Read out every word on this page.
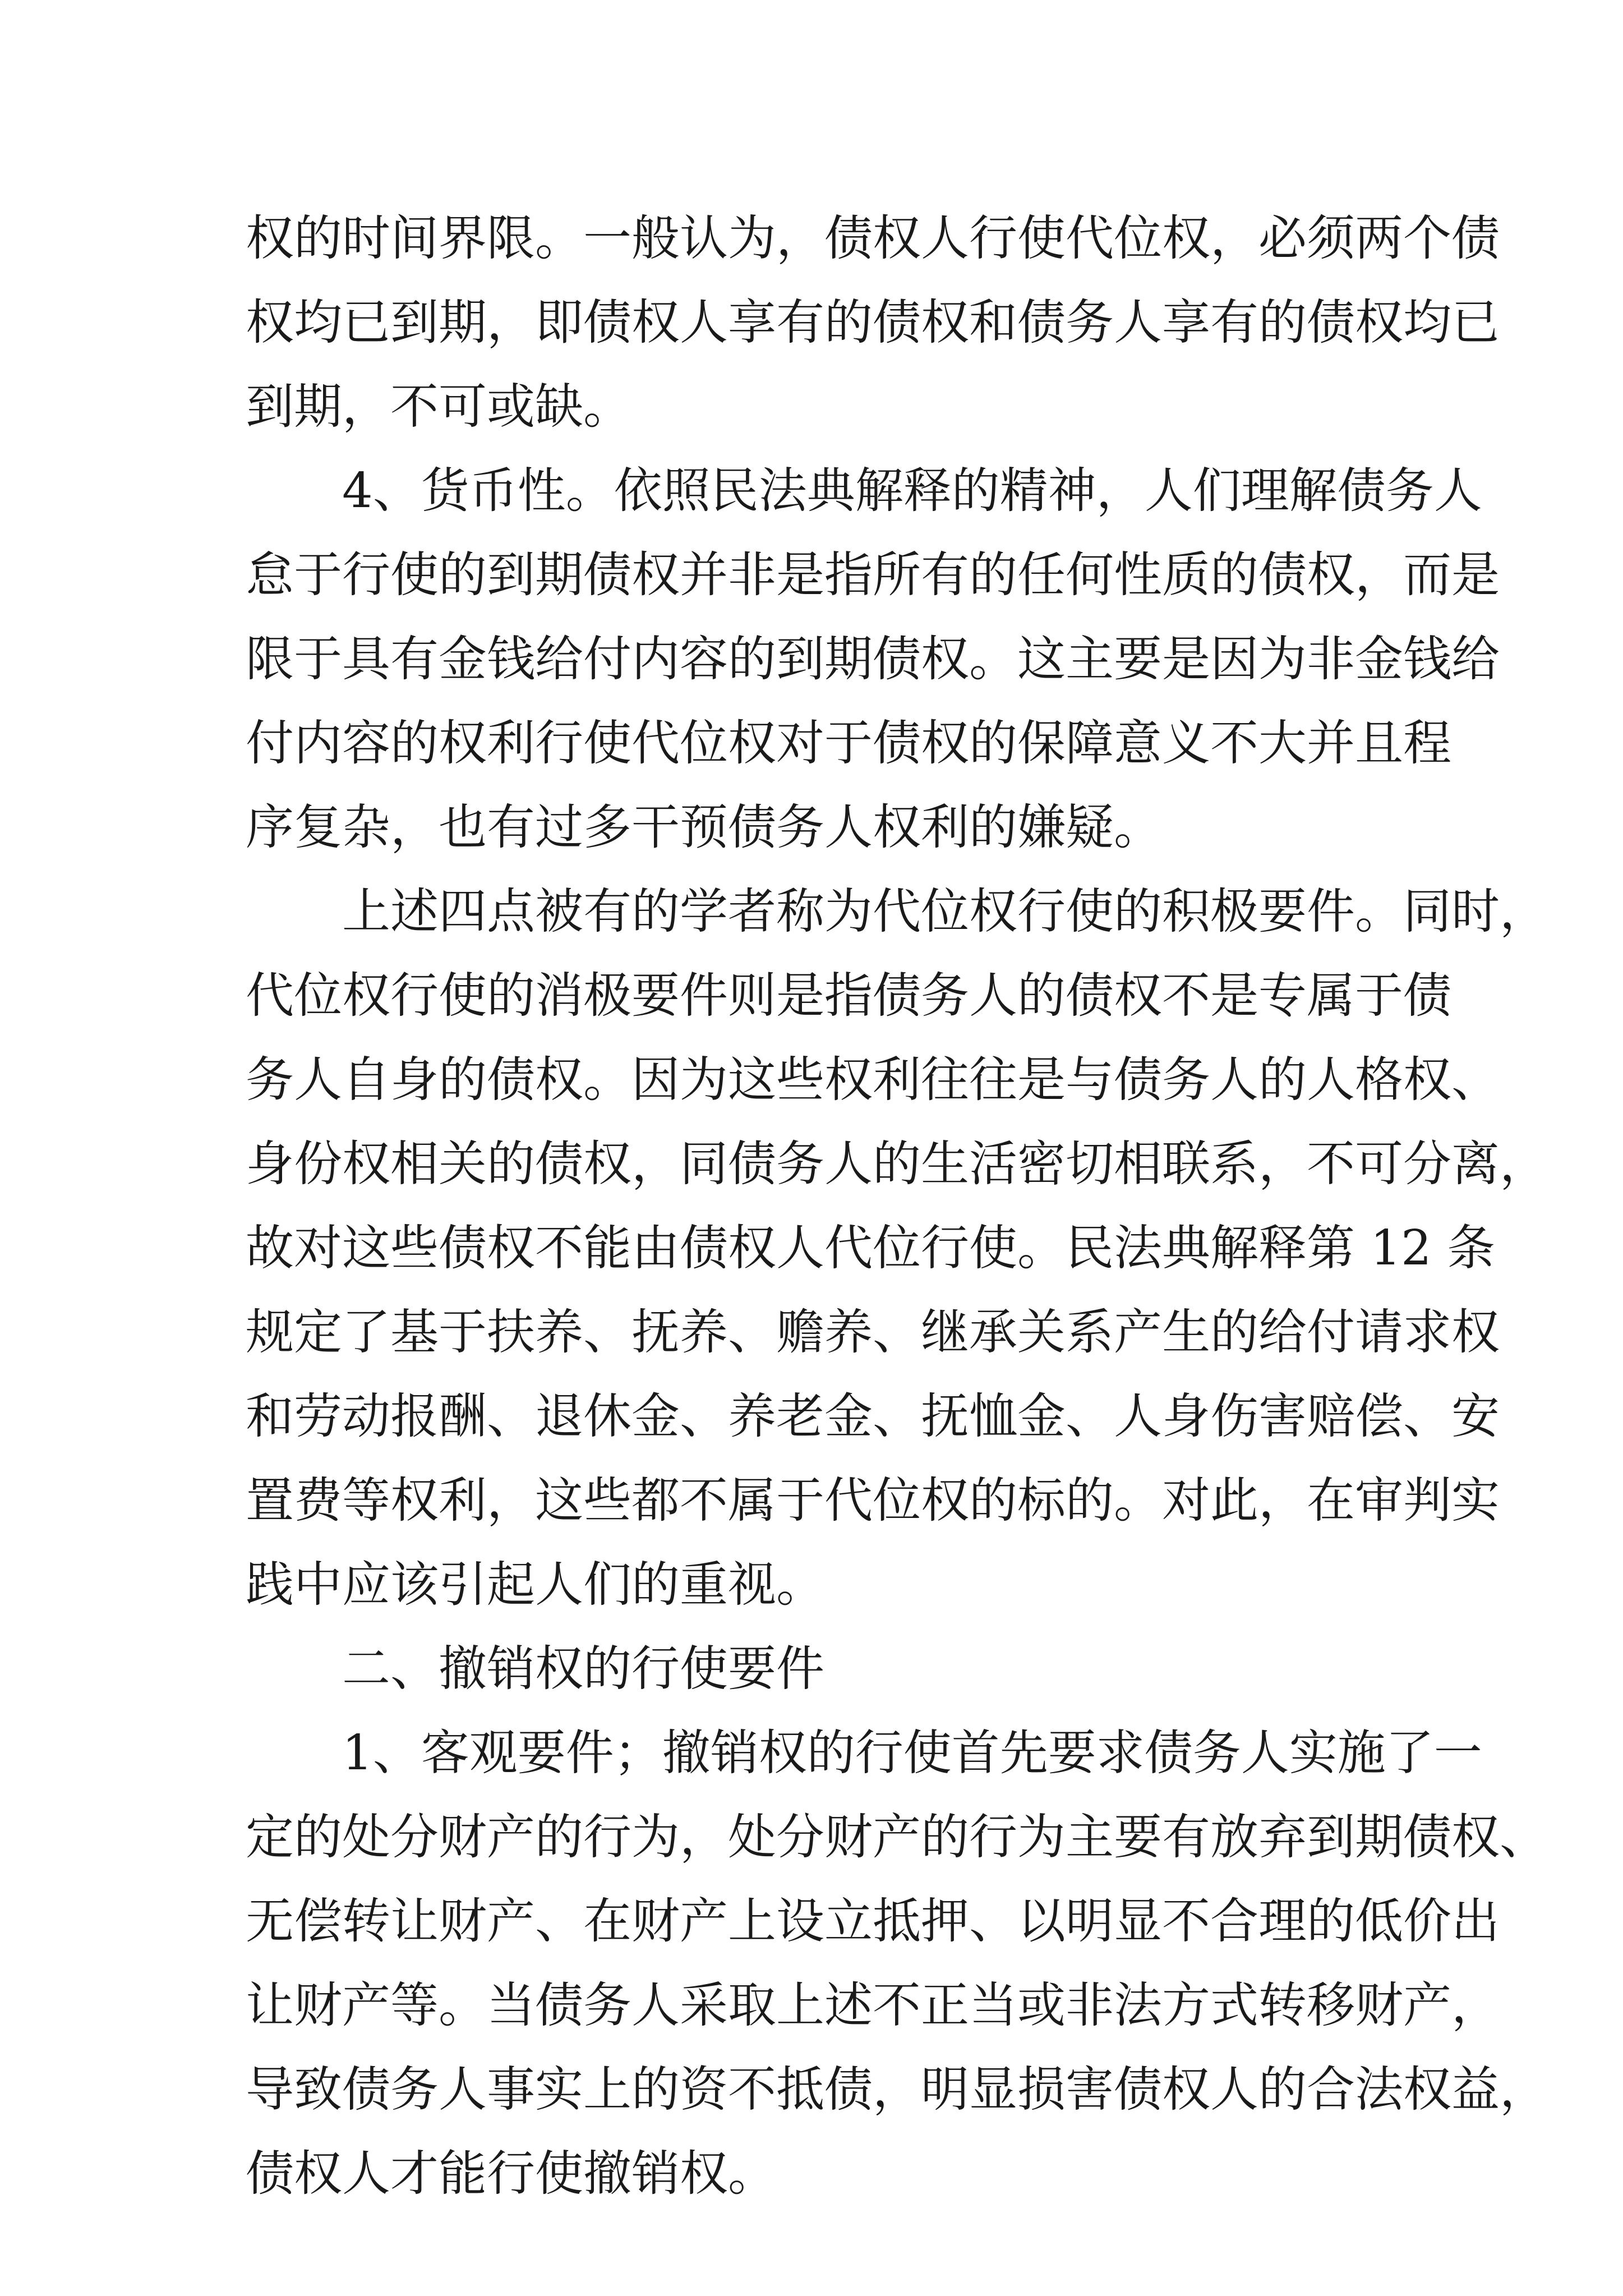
权的时间界限。一般认为，债权人行使代位权，必须两个债
权均已到期，即债权人享有的债权和债务人享有的债权均已
到期，不可或缺。
　　4、货币性。依照民法典解释的精神，人们理解债务人
怠于行使的到期债权并非是指所有的任何性质的债权，而是
限于具有金钱给付内容的到期债权。这主要是因为非金钱给
付内容的权利行使代位权对于债权的保障意义不大并且程
序复杂，也有过多干预债务人权利的嫌疑。
　　上述四点被有的学者称为代位权行使的积极要件。同时，
代位权行使的消极要件则是指债务人的债权不是专属于债
务人自身的债权。因为这些权利往往是与债务人的人格权、
身份权相关的债权，同债务人的生活密切相联系，不可分离，
故对这些债权不能由债权人代位行使。民法典解释第 12 条
规定了基于扶养、抚养、赡养、继承关系产生的给付请求权
和劳动报酬、退休金、养老金、抚恤金、人身伤害赔偿、安
置费等权利，这些都不属于代位权的标的。对此，在审判实
践中应该引起人们的重视。
　　二、撤销权的行使要件
　　1、客观要件；撤销权的行使首先要求债务人实施了一
定的处分财产的行为，处分财产的行为主要有放弃到期债权、
无偿转让财产、在财产上设立抵押、以明显不合理的低价出
让财产等。当债务人采取上述不正当或非法方式转移财产，
导致债务人事实上的资不抵债，明显损害债权人的合法权益，
债权人才能行使撤销权。
